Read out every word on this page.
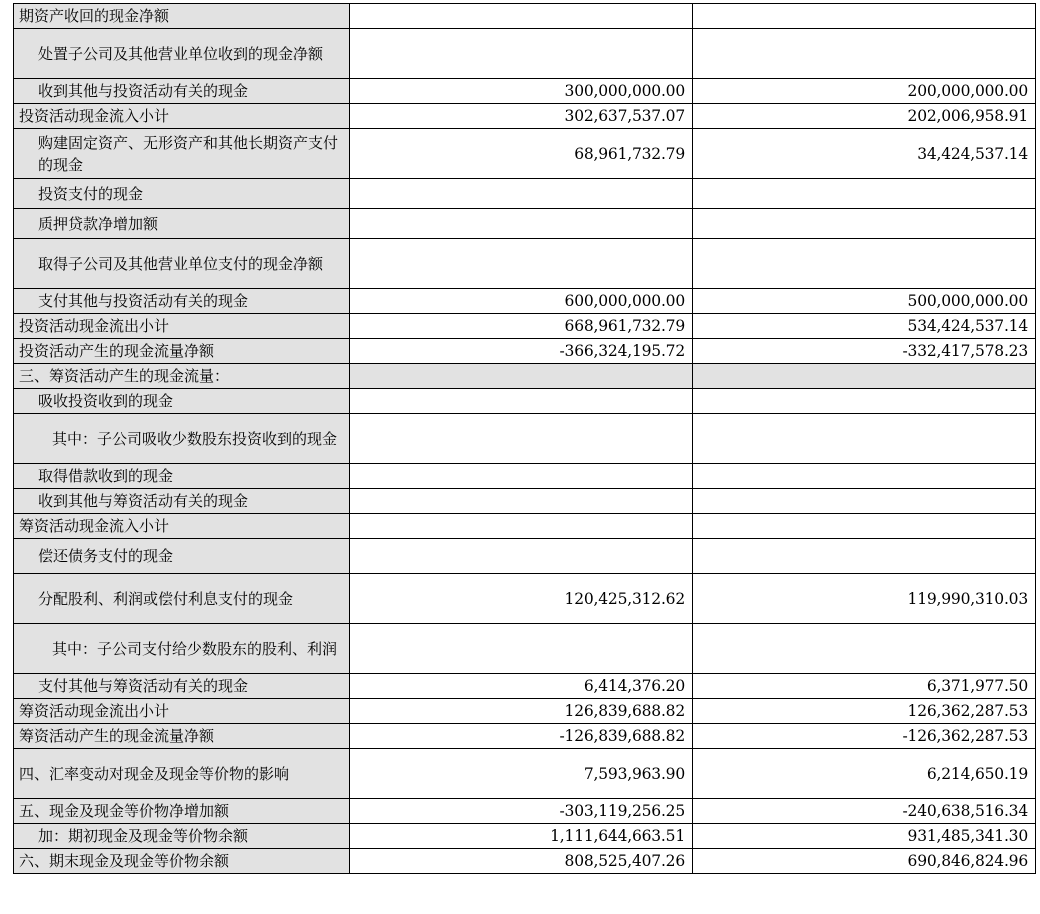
期资产收回的现金净额		

处置子公司及其他营业单位收到的现金净额		

收到其他与投资活动有关的现金	300,000,000.00	200,000,000.00

投资活动现金流入小计	302,637,537.07	202,006,958.91

购建固定资产、无形资产和其他长期资产支付的现金	68,961,732.79	34,424,537.14

投资支付的现金		

质押贷款净增加额		

取得子公司及其他营业单位支付的现金净额		

支付其他与投资活动有关的现金	600,000,000.00	500,000,000.00

投资活动现金流出小计	668,961,732.79	534,424,537.14

投资活动产生的现金流量净额	-366,324,195.72	-332,417,578.23

三、筹资活动产生的现金流量：		

吸收投资收到的现金		

其中：子公司吸收少数股东投资收到的现金		

取得借款收到的现金		

收到其他与筹资活动有关的现金		

筹资活动现金流入小计		

偿还债务支付的现金		

分配股利、利润或偿付利息支付的现金	120,425,312.62	119,990,310.03

其中：子公司支付给少数股东的股利、利润		

支付其他与筹资活动有关的现金	6,414,376.20	6,371,977.50

筹资活动现金流出小计	126,839,688.82	126,362,287.53

筹资活动产生的现金流量净额	-126,839,688.82	-126,362,287.53

四、汇率变动对现金及现金等价物的影响	7,593,963.90	6,214,650.19

五、现金及现金等价物净增加额	-303,119,256.25	-240,638,516.34

加：期初现金及现金等价物余额	1,111,644,663.51	931,485,341.30

六、期末现金及现金等价物余额	808,525,407.26	690,846,824.96
